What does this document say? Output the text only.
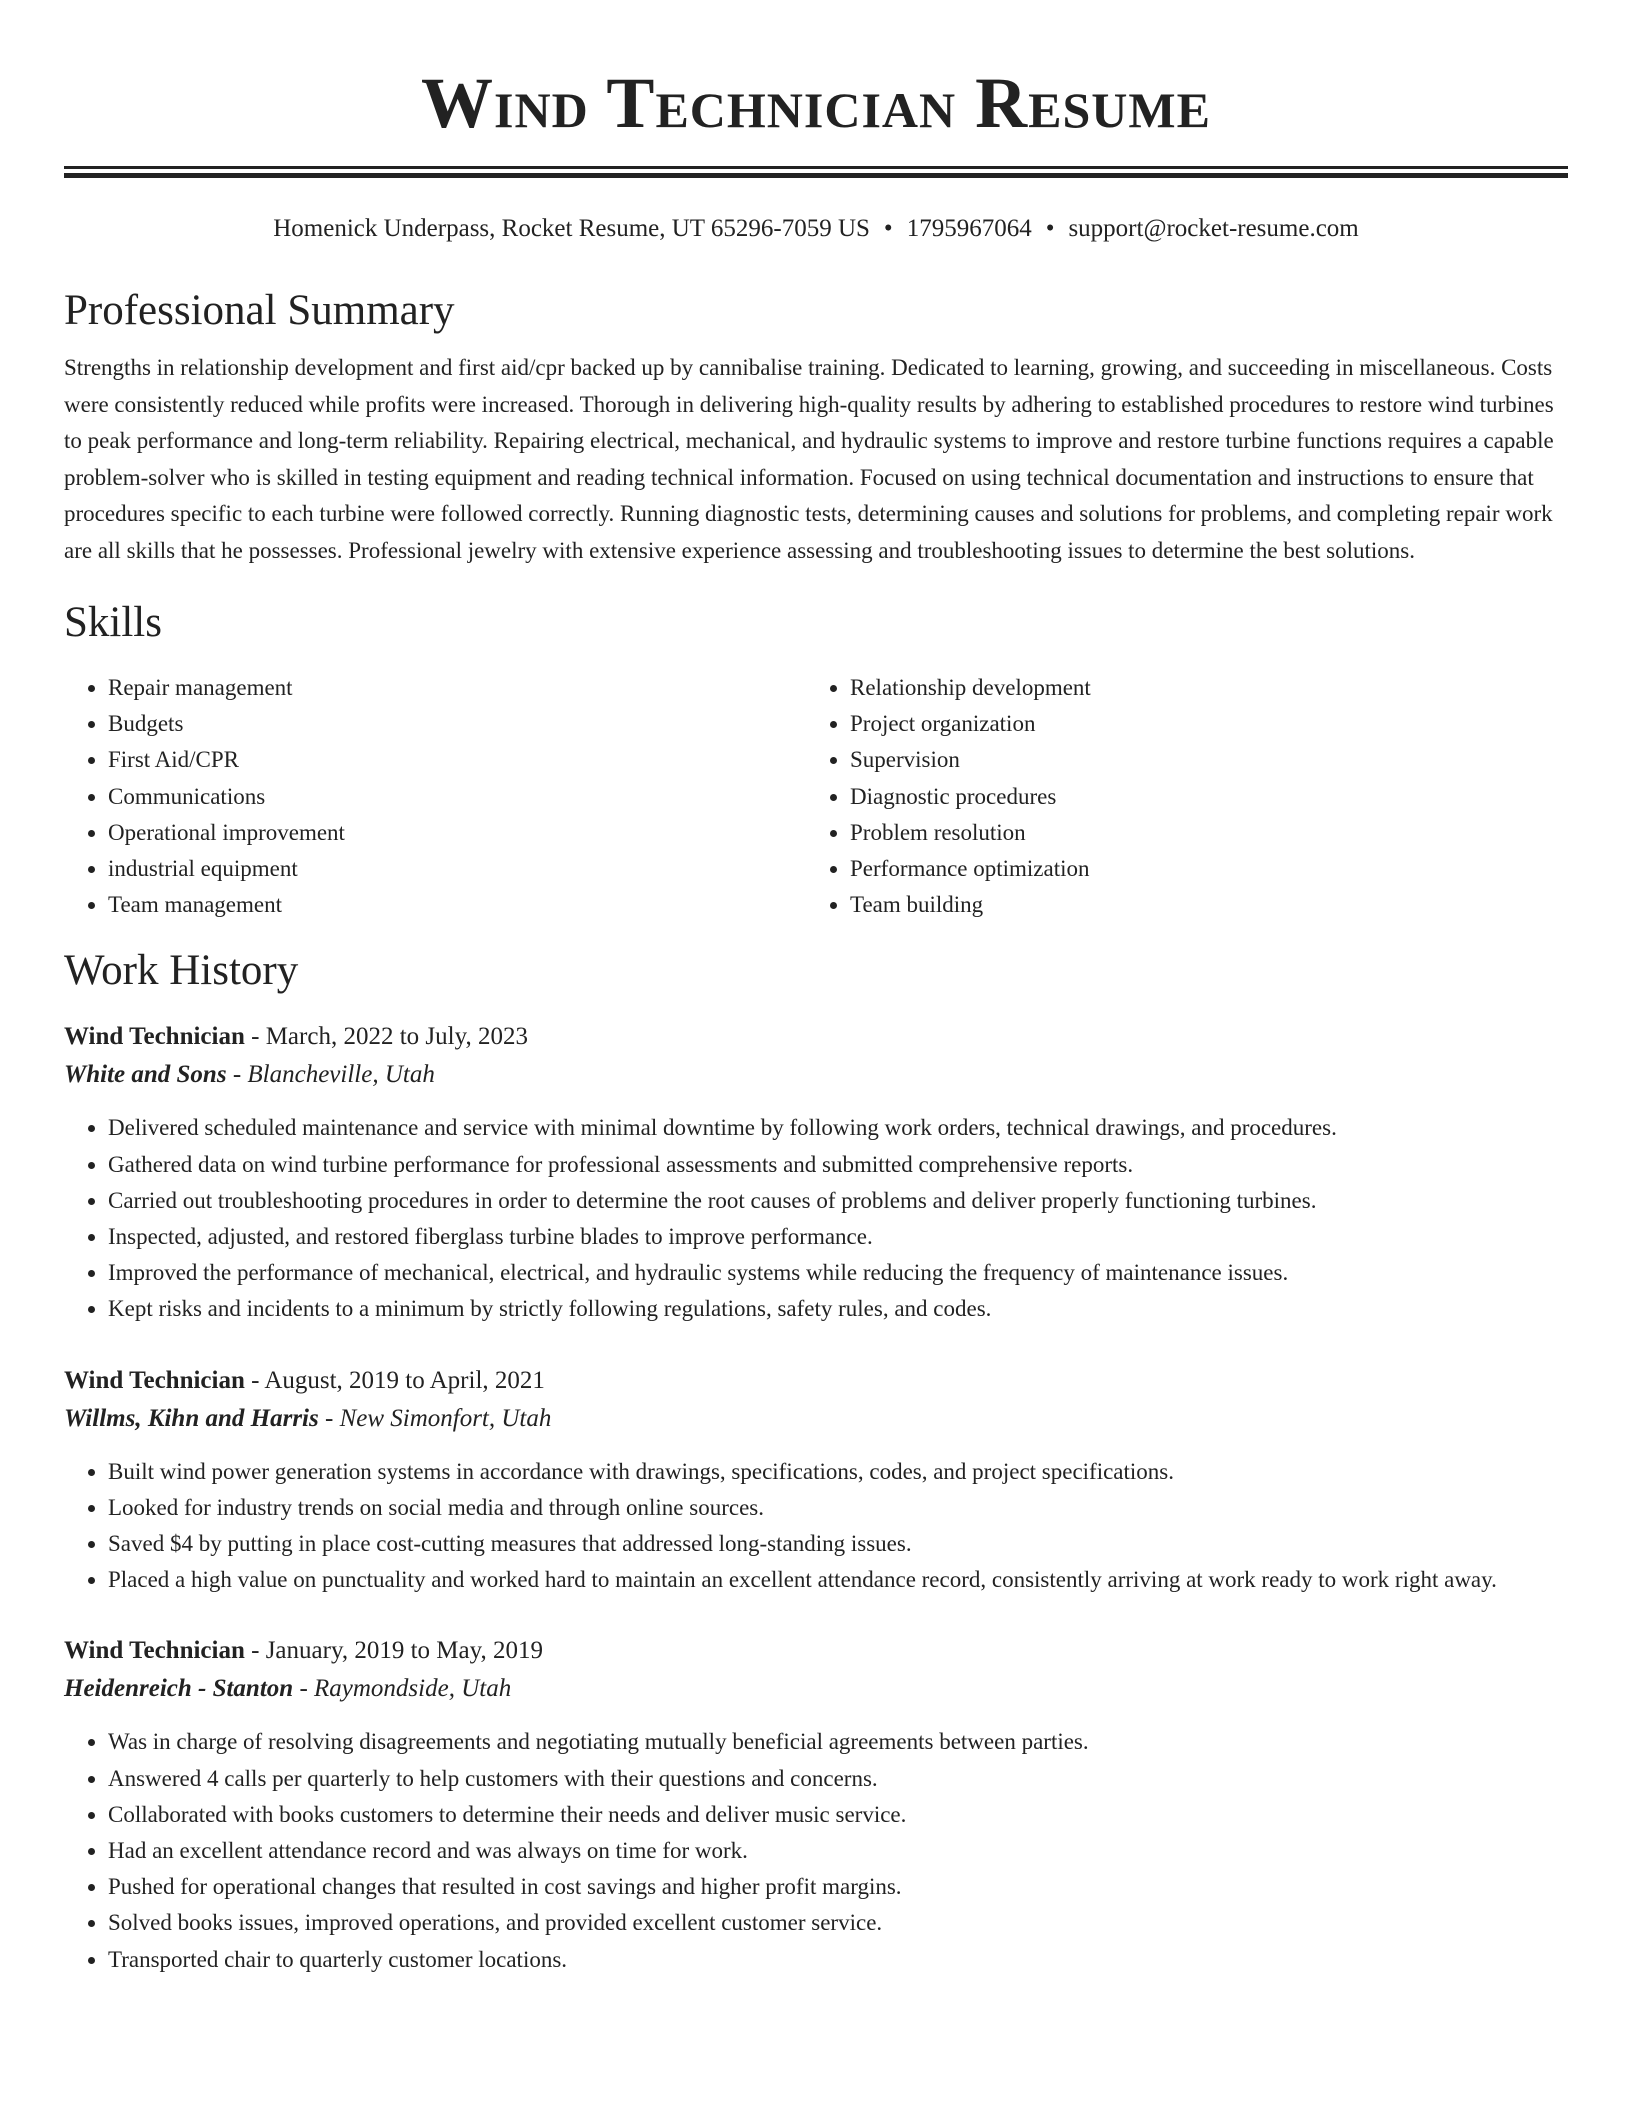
Wind Technician Resume
Homenick Underpass, Rocket Resume, UT 65296-7059 US • 1795967064 • support@rocket-resume.com
Professional Summary

Strengths in relationship development and first aid/cpr backed up by cannibalise training. Dedicated to learning, growing, and succeeding in miscellaneous. Costs were consistently reduced while profits were increased. Thorough in delivering high-quality results by adhering to established procedures to restore wind turbines to peak performance and long-term reliability. Repairing electrical, mechanical, and hydraulic systems to improve and restore turbine functions requires a capable problem-solver who is skilled in testing equipment and reading technical information. Focused on using technical documentation and instructions to ensure that procedures specific to each turbine were followed correctly. Running diagnostic tests, determining causes and solutions for problems, and completing repair work are all skills that he possesses. Professional jewelry with extensive experience assessing and troubleshooting issues to determine the best solutions.

Skills
• Repair management
• Budgets
• First Aid/CPR
• Communications
• Operational improvement
• industrial equipment
• Team management
• Relationship development
• Project organization
• Supervision
• Diagnostic procedures
• Problem resolution
• Performance optimization
• Team building
Work History
Wind Technician - March, 2022 to July, 2023
White and Sons - Blancheville, Utah
• Delivered scheduled maintenance and service with minimal downtime by following work orders, technical drawings, and procedures.
• Gathered data on wind turbine performance for professional assessments and submitted comprehensive reports.
• Carried out troubleshooting procedures in order to determine the root causes of problems and deliver properly functioning turbines.
• Inspected, adjusted, and restored fiberglass turbine blades to improve performance.
• Improved the performance of mechanical, electrical, and hydraulic systems while reducing the frequency of maintenance issues.
• Kept risks and incidents to a minimum by strictly following regulations, safety rules, and codes.
Wind Technician - August, 2019 to April, 2021
Willms, Kihn and Harris - New Simonfort, Utah
• Built wind power generation systems in accordance with drawings, specifications, codes, and project specifications.
• Looked for industry trends on social media and through online sources.
• Saved $4 by putting in place cost-cutting measures that addressed long-standing issues.
• Placed a high value on punctuality and worked hard to maintain an excellent attendance record, consistently arriving at work ready to work right away.
Wind Technician - January, 2019 to May, 2019
Heidenreich - Stanton - Raymondside, Utah
• Was in charge of resolving disagreements and negotiating mutually beneficial agreements between parties.
• Answered 4 calls per quarterly to help customers with their questions and concerns.
• Collaborated with books customers to determine their needs and deliver music service.
• Had an excellent attendance record and was always on time for work.
• Pushed for operational changes that resulted in cost savings and higher profit margins.
• Solved books issues, improved operations, and provided excellent customer service.
• Transported chair to quarterly customer locations.
